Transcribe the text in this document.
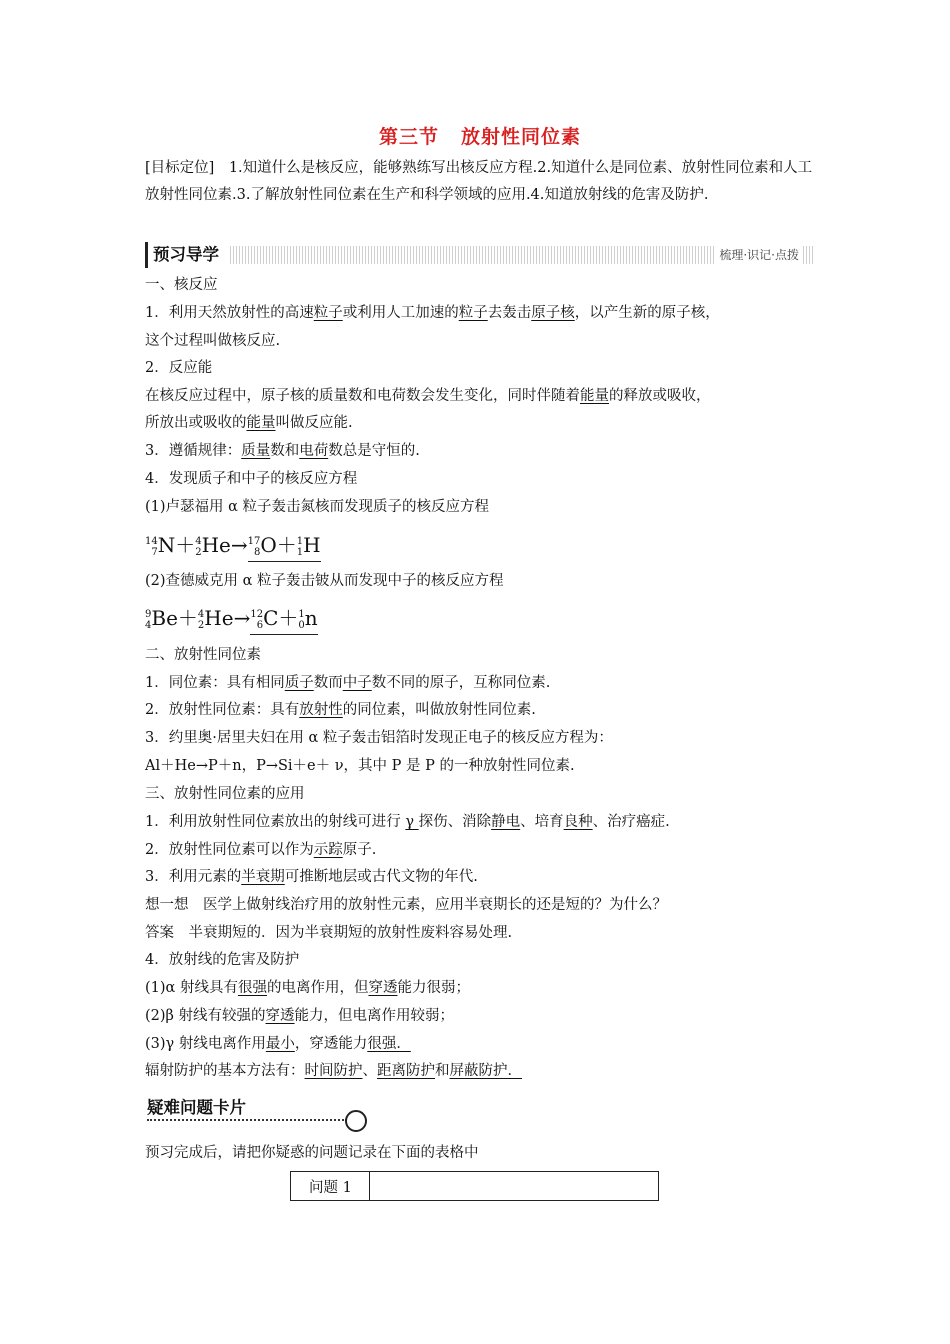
第三节 放射性同位素
[目标定位]　1.知道什么是核反应，能够熟练写出核反应方程.2.知道什么是同位素、放射性同位素和人工放射性同位素.3.了解放射性同位素在生产和科学领域的应用.4.知道放射线的危害及防护.
预习导学	梳理·识记·点拨
一、核反应
1．利用天然放射性的高速粒子或利用人工加速的粒子去轰击原子核，以产生新的原子核，
这个过程叫做核反应.
2．反应能
在核反应过程中，原子核的质量数和电荷数会发生变化，同时伴随着能量的释放或吸收，
所放出或吸收的能量叫做反应能.
3．遵循规律：质量数和电荷数总是守恒的.
4．发现质子和中子的核反应方程
(1)卢瑟福用 α 粒子轰击氮核而发现质子的核反应方程
14
7N＋4
2He→17
8O＋1
1H
(2)查德威克用 α 粒子轰击铍从而发现中子的核反应方程
9
4Be＋4
2He→12
6C＋1
0n
二、放射性同位素
1．同位素：具有相同质子数而中子数不同的原子，互称同位素.
2．放射性同位素：具有放射性的同位素，叫做放射性同位素.
3．约里奥·居里夫妇在用 α 粒子轰击铝箔时发现正电子的核反应方程为：
Al＋He→P＋n，P→Si＋e＋ ν，其中 P 是 P 的一种放射性同位素.
三、放射性同位素的应用
1．利用放射性同位素放出的射线可进行 γ 探伤、消除静电、培育良种、治疗癌症.
2．放射性同位素可以作为示踪原子.
3．利用元素的半衰期可推断地层或古代文物的年代.
想一想　医学上做射线治疗用的放射性元素，应用半衰期长的还是短的？为什么？
答案　半衰期短的．因为半衰期短的放射性废料容易处理.
4．放射线的危害及防护
(1)α 射线具有很强的电离作用，但穿透能力很弱；
(2)β 射线有较强的穿透能力，但电离作用较弱；
(3)γ 射线电离作用最小，穿透能力很强．
辐射防护的基本方法有：时间防护、距离防护和屏蔽防护．
疑难问题卡片
预习完成后，请把你疑惑的问题记录在下面的表格中
问题 1	
